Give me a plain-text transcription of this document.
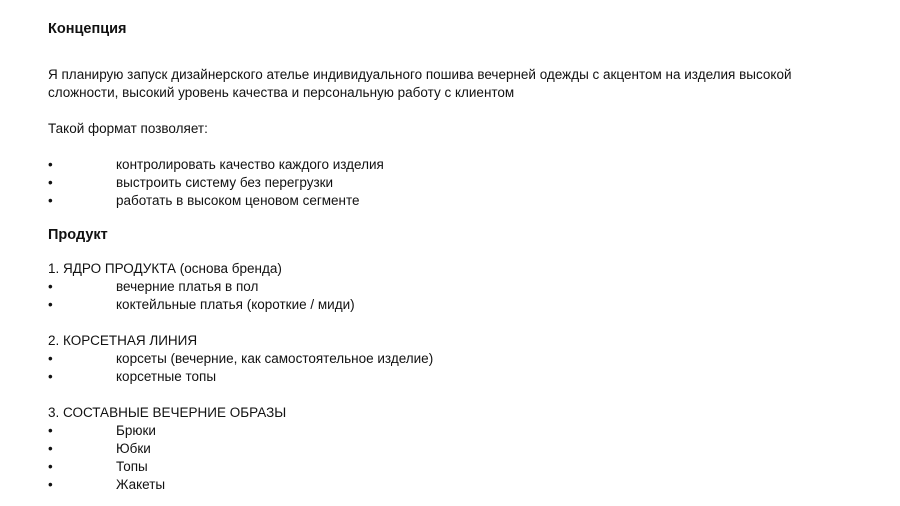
Концепция

Я планирую запуск дизайнерского ателье индивидуального пошива вечерней одежды с акцентом на изделия высокой

сложности, высокий уровень качества и персональную работу с клиентом

Такой формат позволяет:

•	контролировать качество каждого изделия
•	выстроить систему без перегрузки
•	работать в высоком ценовом сегменте
Продукт

1. ЯДРО ПРОДУКТА (основа бренда)

•	вечерние платья в пол
•	коктейльные платья (короткие / миди)

2. КОРСЕТНАЯ ЛИНИЯ

•	корсеты (вечерние, как самостоятельное изделие)
•	корсетные топы

3. СОСТАВНЫЕ ВЕЧЕРНИЕ ОБРАЗЫ

•	Брюки
•	Юбки
•	Топы
•	Жакеты
